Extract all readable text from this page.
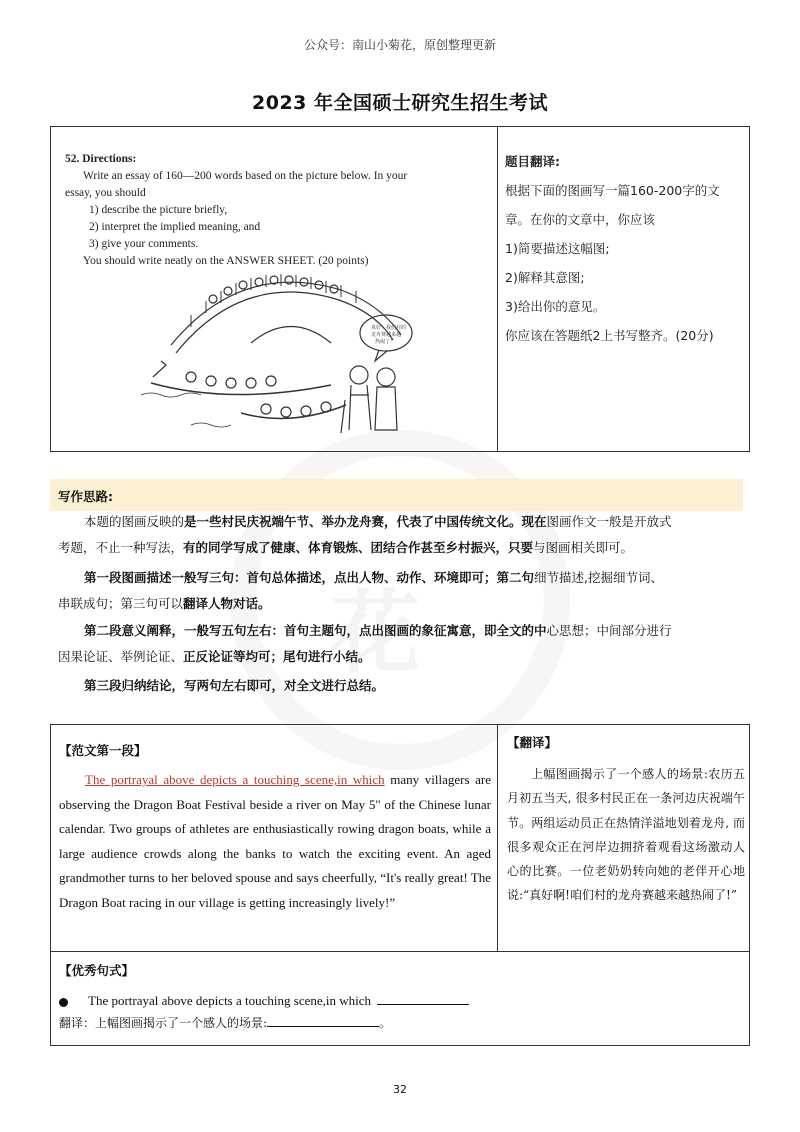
公众号：南山小菊花，原创整理更新
2023 年全国硕士研究生招生考试
花
52. Directions:
Write an essay of 160—200 words based on the picture below. In your
essay, you should
1) describe the picture briefly,
2) interpret the implied meaning, and
3) give your comments.
You should write neatly on the ANSWER SHEET. (20 points)
真好！我们村的
龙舟赛越来越
热闹了！
题目翻译:
根据下面的图画写一篇160-200字的文
章。在你的文章中，你应该
1)简要描述这幅图;
2)解释其意图;
3)给出你的意见。
你应该在答题纸2上书写整齐。(20分)
写作思路:
本题的图画反映的是一些村民庆祝端午节、举办龙舟赛，代表了中国传统文化。现在图画作文一般是开放式
考题，不止一种写法，有的同学写成了健康、体育锻炼、团结合作甚至乡村振兴，只要与图画相关即可。
第一段图画描述一般写三句：首句总体描述，点出人物、动作、环境即可；第二句细节描述,挖掘细节词、
串联成句；第三句可以翻译人物对话。
第二段意义阐释，一般写五句左右：首句主题句，点出图画的象征寓意，即全文的中心思想；中间部分进行
因果论证、举例论证、正反论证等均可；尾句进行小结。
第三段归纳结论，写两句左右即可，对全文进行总结。
【范文第一段】
The portrayal above depicts a touching scene,in which many villagers are observing the Dragon Boat Festival beside a river on May 5" of the Chinese lunar calendar. Two groups of athletes are enthusiastically rowing dragon boats, while a large audience crowds along the banks to watch the exciting event. An aged grandmother turns to her beloved spouse and says cheerfully, “It's really great! The Dragon Boat racing in our village is getting increasingly lively!”
【翻译】
上幅图画揭示了一个感人的场景:农历五月初五当天, 很多村民正在一条河边庆祝端午节。两组运动员正在热情洋溢地划着龙舟, 而很多观众正在河岸边拥挤着观看这场激动人心的比赛。一位老奶奶转向她的老伴开心地说:“真好啊!咱们村的龙舟赛越来越热闹了!”
【优秀句式】
The portrayal above depicts a touching scene,in which
翻译：上幅图画揭示了一个感人的场景:	。
32
